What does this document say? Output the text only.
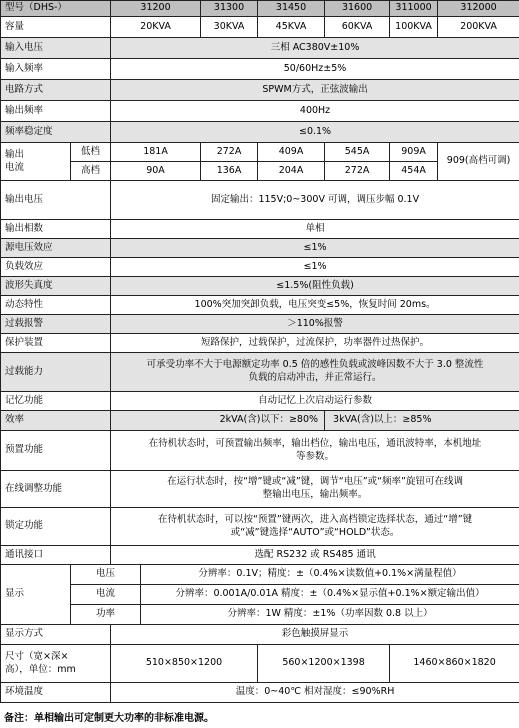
型号（DHS-）		31200		31300	31450	31600	311000	312000
容量		20KVA		30KVA	45KVA	60KVA	100KVA	200KVA
输入电压		三相 AC380V±10%						
输入频率		50/60Hz±5%						
电路方式		SPWM方式，正弦波输出						
输出频率		400Hz						
频率稳定度		≤0.1%						
输出
电流	低档	181A		272A	409A	545A	909A	909(高档可调)
	高档	90A		136A	204A	272A	454A	
输出电压		固定输出：115V;0~300V 可调，调压步幅 0.1V						
输出相数		单相						
源电压效应		≤1%						
负载效应		≤1%						
波形失真度		≤1.5%(阻性负载)						
动态特性		100%突加突卸负载，电压突变≤5%，恢复时间 20ms。						
过载报警		＞110%报警						
保护装置		短路保护，过载保护，过流保护，功率器件过热保护。						
过载能力		可承受功率不大于电源额定功率 0.5 倍的感性负载或波峰因数不大于 3.0 整流性
负载的启动冲击，并正常运行。						
记忆功能		自动记忆上次启动运行参数						
效率		2kVA(含)以下：≥80%				3kVA(含)以上：≥85%		
预置功能		在待机状态时，可预置输出频率，输出档位，输出电压，通讯波特率，本机地址
等参数。						
在线调整功能		在运行状态时，按“增”键或“减”键，调节“电压”或“频率”旋钮可在线调
整输出电压，输出频率。						
锁定功能		在待机状态时，可以按“预置”键两次，进入高档锁定选择状态，通过“增”键
或“减”键选择“AUTO”或“HOLD”状态。						
通讯接口		选配 RS232 或 RS485 通讯						
显示	电压		分辨率：0.1V；精度：±（0.4%×读数值+0.1%×满量程值）					
	电流		分辨率：0.001A/0.01A 精度：±（0.4%×显示值+0.1%×额定输出值）					
	功率		分辨率：1W 精度：±1%（功率因数 0.8 以上）					
显示方式		彩色触摸屏显示						
尺寸（宽×深×
高），单位：mm		510×850×1200			560×1200×1398		1460×860×1820	
环境温度		温度：0~40℃ 相对湿度：≤90%RH						
备注：单相输出可定制更大功率的非标准电源。
